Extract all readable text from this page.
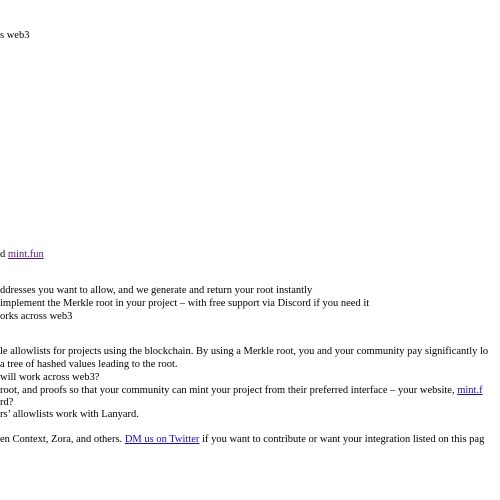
s web3

d mint.fun

ddresses you want to allow, and we generate and return your root instantly

implement the Merkle root in your project – with free support via Discord if you need it

orks across web3

le allowlists for projects using the blockchain. By using a Merkle root, you and your community pay significantly lo

a tree of hashed values leading to the root.

will work across web3?

root, and proofs so that your community can mint your project from their preferred interface – your website, mint.f

rd?

rs’ allowlists work with Lanyard.

en Context, Zora, and others. DM us on Twitter if you want to contribute or want your integration listed on this pag
